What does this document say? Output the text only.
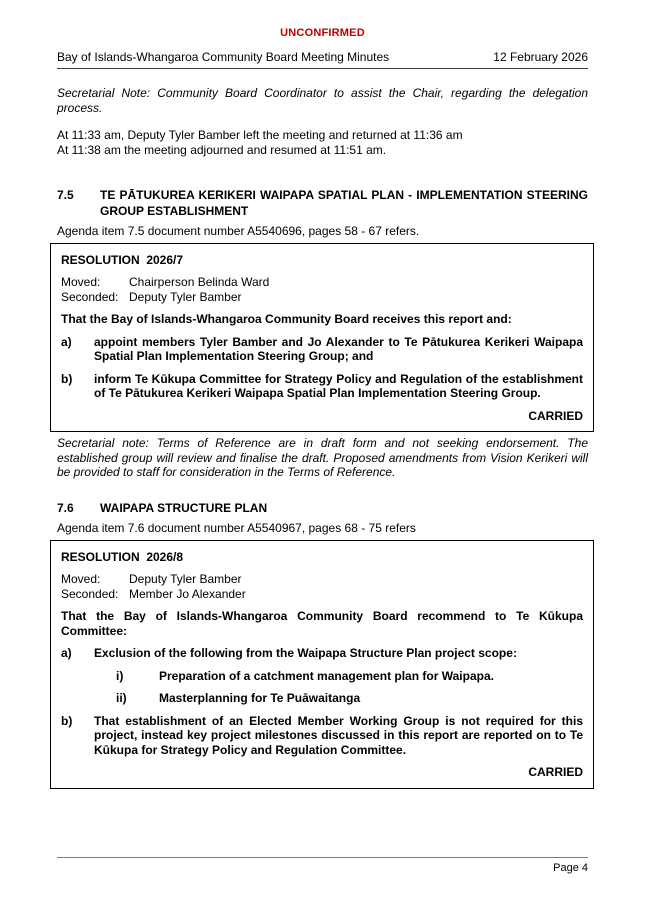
UNCONFIRMED
Bay of Islands-Whangaroa Community Board Meeting Minutes	12 February 2026

Secretarial Note: Community Board Coordinator to assist the Chair, regarding the delegation process.

At 11:33 am, Deputy Tyler Bamber left the meeting and returned at 11:36 am
At 11:38 am the meeting adjourned and resumed at 11:51 am.
7.5	TE PĀTUKUREA KERIKERI WAIPAPA SPATIAL PLAN - IMPLEMENTATION STEERING GROUP ESTABLISHMENT
Agenda item 7.5 document number A5540696, pages 58 - 67 refers.
RESOLUTION  2026/7
Moved:	Chairperson Belinda Ward
Seconded: Deputy Tyler Bamber
That the Bay of Islands-Whangaroa Community Board receives this report and:
a)	appoint members Tyler Bamber and Jo Alexander to Te Pātukurea Kerikeri Waipapa Spatial Plan Implementation Steering Group; and
b)	inform Te Kūkupa Committee for Strategy Policy and Regulation of the establishment of Te Pātukurea Kerikeri Waipapa Spatial Plan Implementation Steering Group.
CARRIED

Secretarial note: Terms of Reference are in draft form and not seeking endorsement. The established group will review and finalise the draft. Proposed amendments from Vision Kerikeri will be provided to staff for consideration in the Terms of Reference.

7.6	WAIPAPA STRUCTURE PLAN
Agenda item 7.6 document number A5540967, pages 68 - 75 refers
RESOLUTION  2026/8
Moved:	Deputy Tyler Bamber
Seconded: Member Jo Alexander
That the Bay of Islands-Whangaroa Community Board recommend to Te Kūkupa Committee:
a)	Exclusion of the following from the Waipapa Structure Plan project scope:
i)	Preparation of a catchment management plan for Waipapa.
ii)	Masterplanning for Te Puāwaitanga
b)	That establishment of an Elected Member Working Group is not required for this project, instead key project milestones discussed in this report are reported on to Te Kūkupa for Strategy Policy and Regulation Committee.
CARRIED
Page 4
